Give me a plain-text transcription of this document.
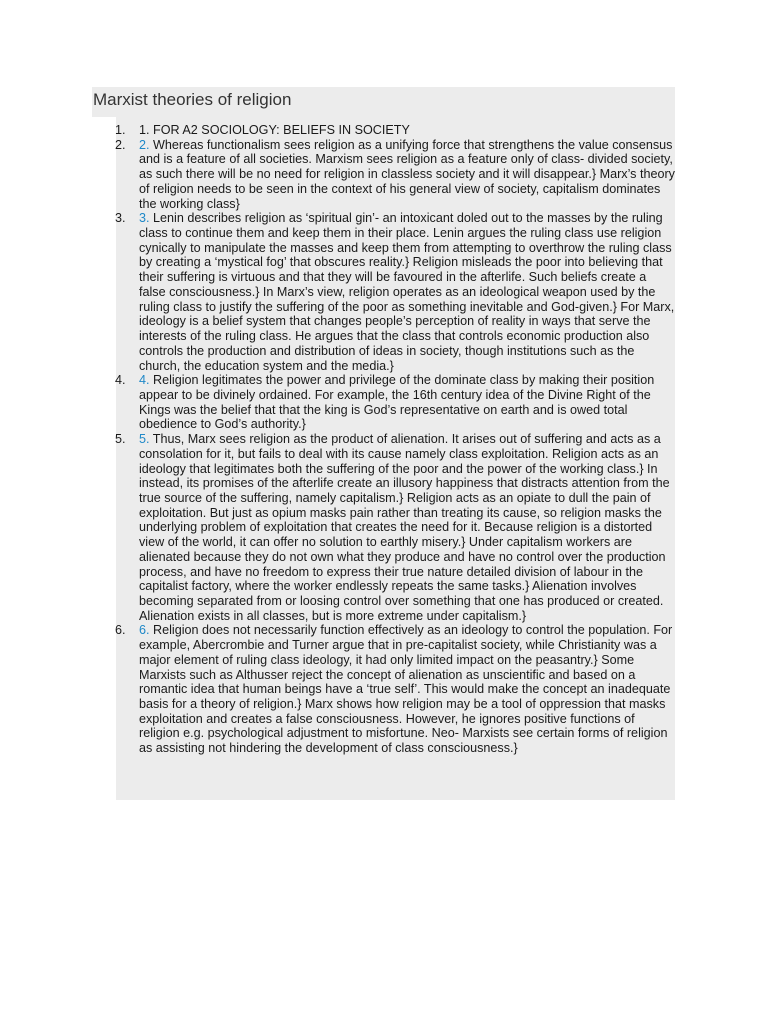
Marxist theories of religion
1. 1. FOR A2 SOCIOLOGY: BELIEFS IN SOCIETY
2. 2. Whereas functionalism sees religion as a unifying force that strengthens the value consensus and is a feature of all societies. Marxism sees religion as a feature only of class- divided society, as such there will be no need for religion in classless society and it will disappear.} Marx’s theory of religion needs to be seen in the context of his general view of society, capitalism dominates the working class}
3. 3. Lenin describes religion as ‘spiritual gin’- an intoxicant doled out to the masses by the ruling class to continue them and keep them in their place. Lenin argues the ruling class use religion cynically to manipulate the masses and keep them from attempting to overthrow the ruling class by creating a ‘mystical fog’ that obscures reality.} Religion misleads the poor into believing that their suffering is virtuous and that they will be favoured in the afterlife. Such beliefs create a false consciousness.} In Marx’s view, religion operates as an ideological weapon used by the ruling class to justify the suffering of the poor as something inevitable and God-given.} For Marx, ideology is a belief system that changes people’s perception of reality in ways that serve the interests of the ruling class. He argues that the class that controls economic production also controls the production and distribution of ideas in society, though institutions such as the church, the education system and the media.}
4. 4. Religion legitimates the power and privilege of the dominate class by making their position appear to be divinely ordained. For example, the 16th century idea of the Divine Right of the Kings was the belief that that the king is God’s representative on earth and is owed total obedience to God’s authority.}
5. 5. Thus, Marx sees religion as the product of alienation. It arises out of suffering and acts as a consolation for it, but fails to deal with its cause namely class exploitation. Religion acts as an ideology that legitimates both the suffering of the poor and the power of the working class.} In instead, its promises of the afterlife create an illusory happiness that distracts attention from the true source of the suffering, namely capitalism.} Religion acts as an opiate to dull the pain of exploitation. But just as opium masks pain rather than treating its cause, so religion masks the underlying problem of exploitation that creates the need for it. Because religion is a distorted view of the world, it can offer no solution to earthly misery.} Under capitalism workers are alienated because they do not own what they produce and have no control over the production process, and have no freedom to express their true nature detailed division of labour in the capitalist factory, where the worker endlessly repeats the same tasks.} Alienation involves becoming separated from or loosing control over something that one has produced or created. Alienation exists in all classes, but is more extreme under capitalism.}
6. 6. Religion does not necessarily function effectively as an ideology to control the population. For example, Abercrombie and Turner argue that in pre-capitalist society, while Christianity was a major element of ruling class ideology, it had only limited impact on the peasantry.} Some Marxists such as Althusser reject the concept of alienation as unscientific and based on a romantic idea that human beings have a ‘true self’. This would make the concept an inadequate basis for a theory of religion.} Marx shows how religion may be a tool of oppression that masks exploitation and creates a false consciousness. However, he ignores positive functions of religion e.g. psychological adjustment to misfortune. Neo- Marxists see certain forms of religion as assisting not hindering the development of class consciousness.}
